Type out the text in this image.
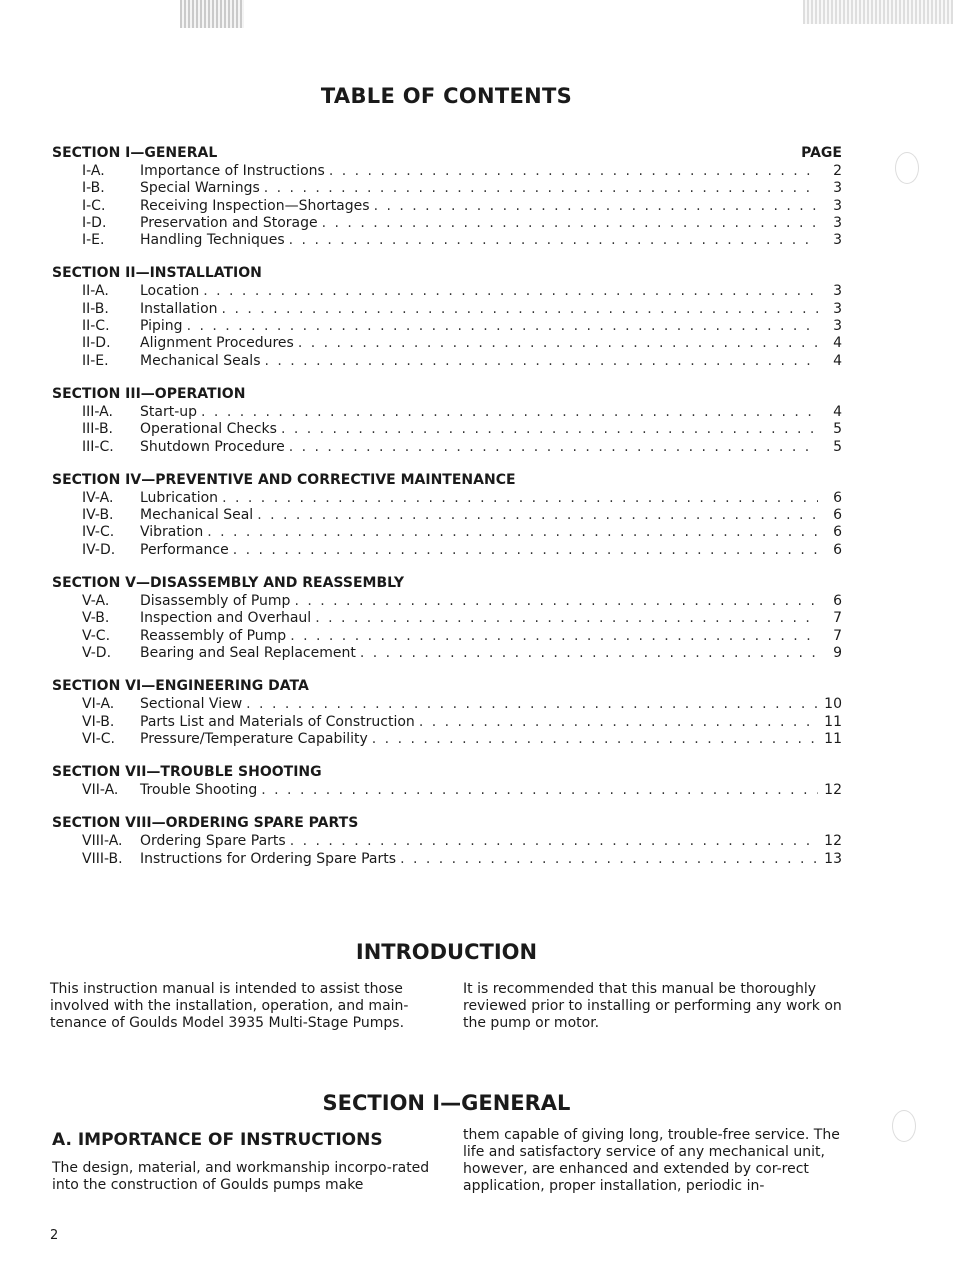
TABLE OF CONTENTS
SECTION I—GENERAL	PAGE
I-A.	Importance of Instructions . . .	2
I-B.	Special Warnings . . .	3
I-C.	Receiving Inspection—Shortages . . .	3
I-D.	Preservation and Storage . . .	3
I-E.	Handling Techniques . . .	3
SECTION II—INSTALLATION
II-A.	Location . . .	3
II-B.	Installation . . .	3
II-C.	Piping . . .	3
II-D.	Alignment Procedures . . .	4
II-E.	Mechanical Seals . . .	4
SECTION III—OPERATION
III-A.	Start-up . . .	4
III-B.	Operational Checks . . .	5
III-C.	Shutdown Procedure . . .	5
SECTION IV—PREVENTIVE AND CORRECTIVE MAINTENANCE
IV-A.	Lubrication . . .	6
IV-B.	Mechanical Seal . . .	6
IV-C.	Vibration . . .	6
IV-D.	Performance . . .	6
SECTION V—DISASSEMBLY AND REASSEMBLY
V-A.	Disassembly of Pump . . .	6
V-B.	Inspection and Overhaul . . .	7
V-C.	Reassembly of Pump . . .	7
V-D.	Bearing and Seal Replacement . . .	9
SECTION VI—ENGINEERING DATA
VI-A.	Sectional View . . .	10
VI-B.	Parts List and Materials of Construction . . .	11
VI-C.	Pressure/Temperature Capability . . .	11
SECTION VII—TROUBLE SHOOTING
VII-A.	Trouble Shooting . . .	12
SECTION VIII—ORDERING SPARE PARTS
VIII-A.	Ordering Spare Parts . . .	12
VIII-B.	Instructions for Ordering Spare Parts . . .	13
INTRODUCTION

This instruction manual is intended to assist those involved with the installation, operation, and main-tenance of Goulds Model 3935 Multi-Stage Pumps.

It is recommended that this manual be thoroughly reviewed prior to installing or performing any work on the pump or motor.

SECTION I—GENERAL
A. IMPORTANCE OF INSTRUCTIONS

The design, material, and workmanship incorpo-rated into the construction of Goulds pumps make

them capable of giving long, trouble-free service. The life and satisfactory service of any mechanical unit, however, are enhanced and extended by cor-rect application, proper installation, periodic in-

2
